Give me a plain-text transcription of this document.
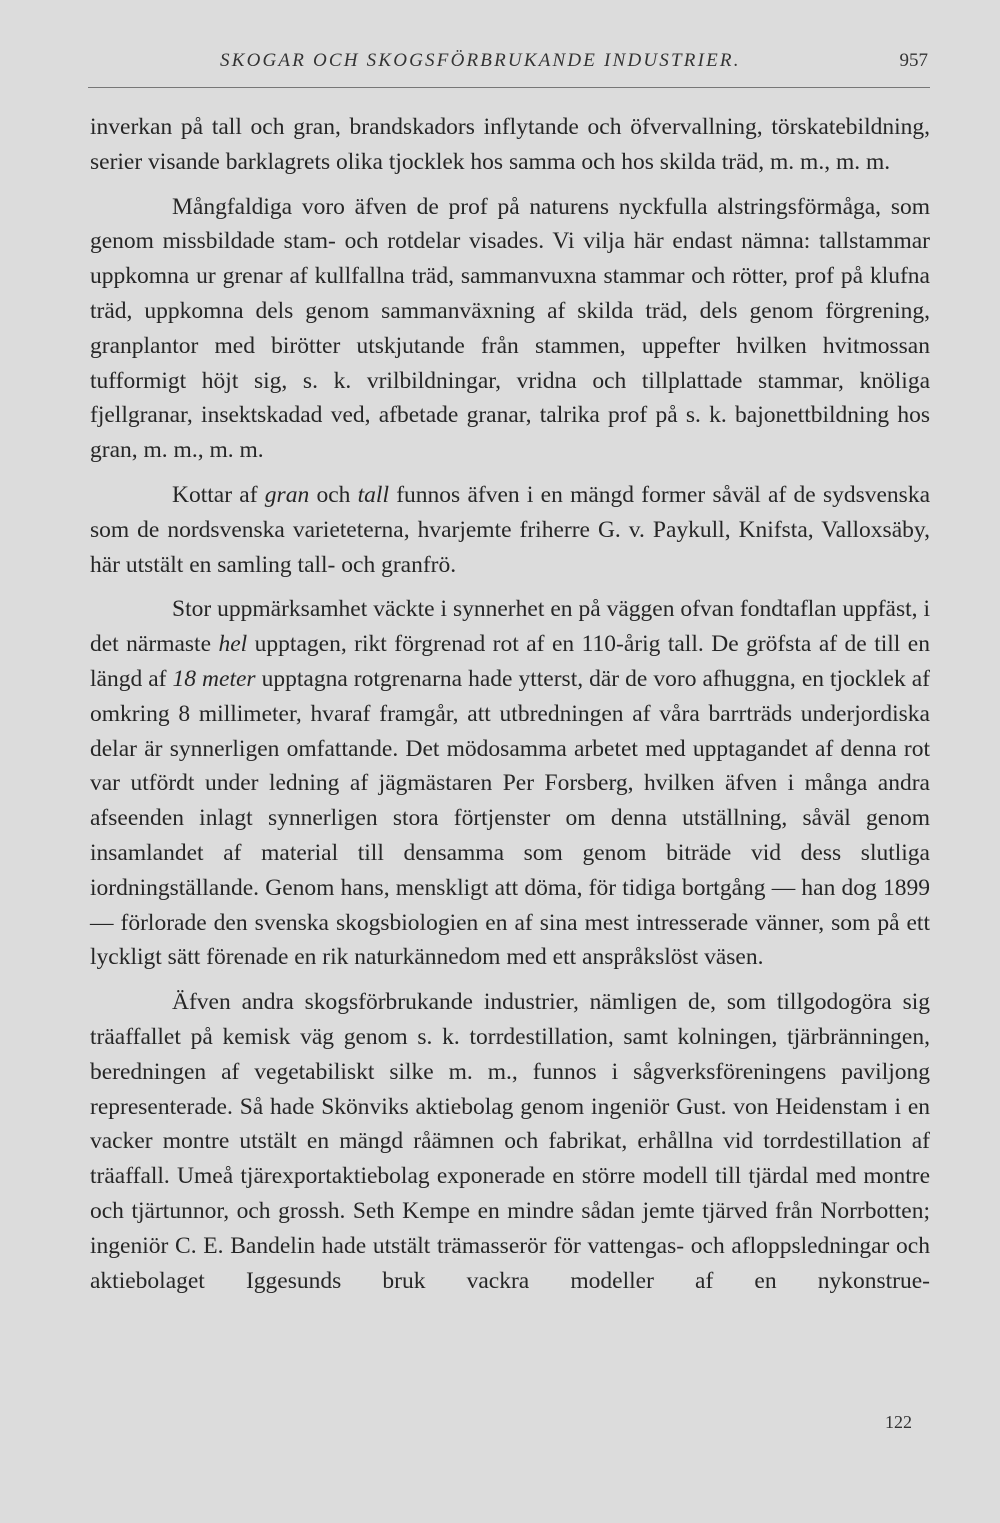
SKOGAR OCH SKOGSFÖRBRUKANDE INDUSTRIER.	957

inverkan på tall och gran, brandskadors inflytande och öfvervallning, törskatebildning, serier visande barklagrets olika tjocklek hos samma och hos skilda träd, m. m., m. m.

Mångfaldiga voro äfven de prof på naturens nyckfulla alstringsförmåga, som genom missbildade stam- och rotdelar visades. Vi vilja här endast nämna: tallstammar uppkomna ur grenar af kullfallna träd, sammanvuxna stammar och rötter, prof på klufna träd, uppkomna dels genom sammanväxning af skilda träd, dels genom förgrening, granplantor med birötter utskjutande från stammen, uppefter hvilken hvitmossan tufformigt höjt sig, s. k. vrilbildningar, vridna och tillplattade stammar, knöliga fjellgranar, insektskadad ved, afbetade granar, talrika prof på s. k. bajonettbildning hos gran, m. m., m. m.

Kottar af gran och tall funnos äfven i en mängd former såväl af de sydsvenska som de nordsvenska varieteterna, hvarjemte friherre G. v. Paykull, Knifsta, Valloxsäby, här utstält en samling tall- och granfrö.

Stor uppmärksamhet väckte i synnerhet en på väggen ofvan fondtaflan uppfäst, i det närmaste hel upptagen, rikt förgrenad rot af en 110-årig tall. De gröfsta af de till en längd af 18 meter upptagna rotgrenarna hade ytterst, där de voro afhuggna, en tjocklek af omkring 8 millimeter, hvaraf framgår, att utbredningen af våra barrträds underjordiska delar är synnerligen omfattande. Det mödosamma arbetet med upptagandet af denna rot var utfördt under ledning af jägmästaren Per Forsberg, hvilken äfven i många andra afseenden inlagt synnerligen stora förtjenster om denna utställning, såväl genom insamlandet af material till densamma som genom biträde vid dess slutliga iordningställande. Genom hans, menskligt att döma, för tidiga bortgång — han dog 1899 — förlorade den svenska skogsbiologien en af sina mest intresserade vänner, som på ett lyckligt sätt förenade en rik naturkännedom med ett anspråkslöst väsen.

Äfven andra skogsförbrukande industrier, nämligen de, som tillgodogöra sig träaffallet på kemisk väg genom s. k. torrdestillation, samt kolningen, tjärbränningen, beredningen af vegetabiliskt silke m. m., funnos i sågverksföreningens paviljong representerade. Så hade Skönviks aktiebolag genom ingeniör Gust. von Heidenstam i en vacker montre utstält en mängd råämnen och fabrikat, erhållna vid torrdestillation af träaffall. Umeå tjärexportaktiebolag exponerade en större modell till tjärdal med montre och tjärtunnor, och grossh. Seth Kempe en mindre sådan jemte tjärved från Norrbotten; ingeniör C. E. Bandelin hade utstält trämasserör för vattengas- och afloppsledningar och aktiebolaget Iggesunds bruk vackra modeller af en nykonstrue-

122
